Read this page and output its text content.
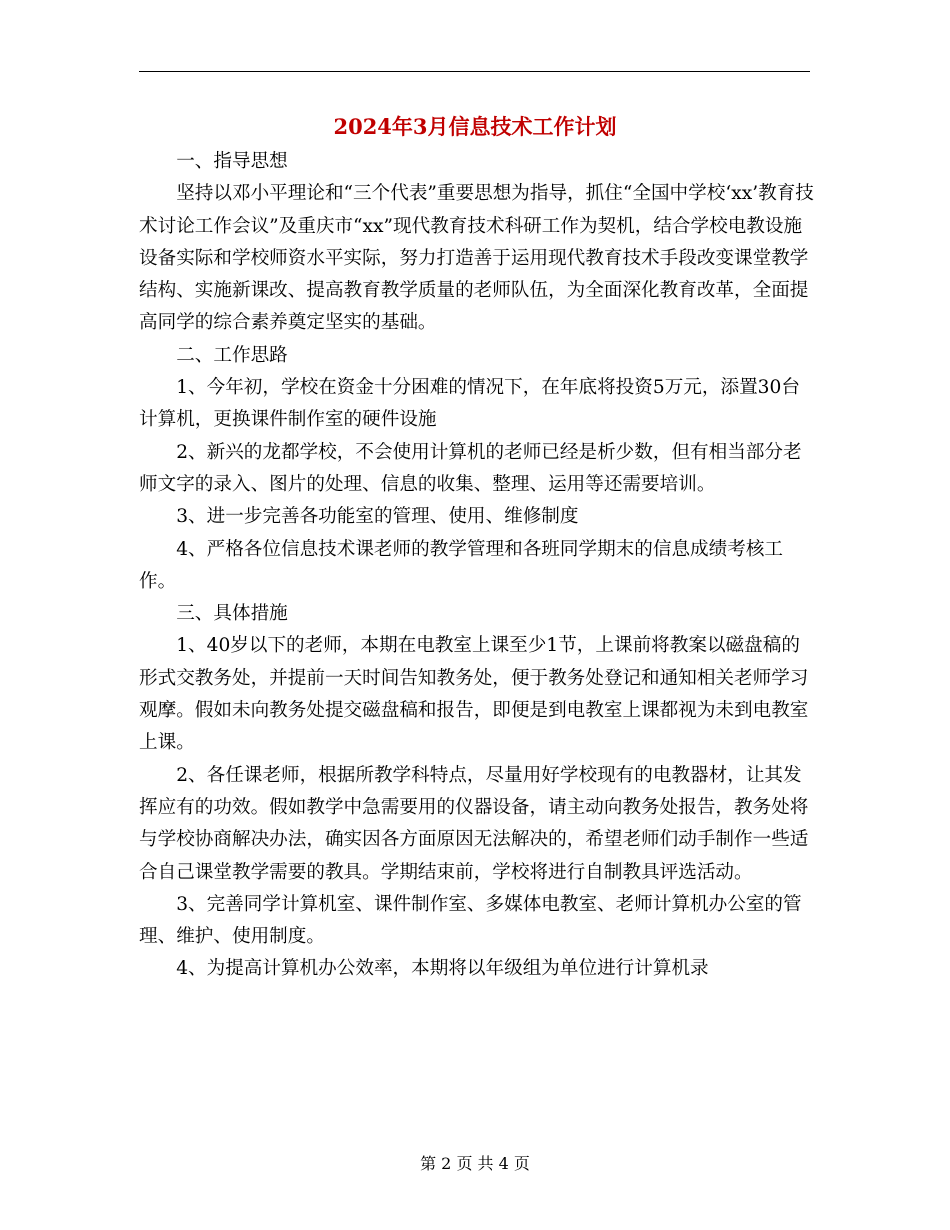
2024年3月信息技术工作计划

一、指导思想

坚持以邓小平理论和“三个代表”重要思想为指导，抓住“全国中学校‘xx’教育技术讨论工作会议”及重庆市“xx”现代教育技术科研工作为契机，结合学校电教设施设备实际和学校师资水平实际，努力打造善于运用现代教育技术手段改变课堂教学结构、实施新课改、提高教育教学质量的老师队伍，为全面深化教育改革，全面提高同学的综合素养奠定坚实的基础。

二、工作思路

1、今年初，学校在资金十分困难的情况下，在年底将投资5万元，添置30台计算机，更换课件制作室的硬件设施

2、新兴的龙都学校，不会使用计算机的老师已经是析少数，但有相当部分老师文字的录入、图片的处理、信息的收集、整理、运用等还需要培训。

3、进一步完善各功能室的管理、使用、维修制度

4、严格各位信息技术课老师的教学管理和各班同学期末的信息成绩考核工作。

三、具体措施

1、40岁以下的老师，本期在电教室上课至少1节，上课前将教案以磁盘稿的形式交教务处，并提前一天时间告知教务处，便于教务处登记和通知相关老师学习观摩。假如未向教务处提交磁盘稿和报告，即便是到电教室上课都视为未到电教室上课。

2、各任课老师，根据所教学科特点，尽量用好学校现有的电教器材，让其发挥应有的功效。假如教学中急需要用的仪器设备，请主动向教务处报告，教务处将与学校协商解决办法，确实因各方面原因无法解决的，希望老师们动手制作一些适合自己课堂教学需要的教具。学期结束前，学校将进行自制教具评选活动。

3、完善同学计算机室、课件制作室、多媒体电教室、老师计算机办公室的管理、维护、使用制度。

4、为提高计算机办公效率，本期将以年级组为单位进行计算机录

第 2 页 共 4 页
